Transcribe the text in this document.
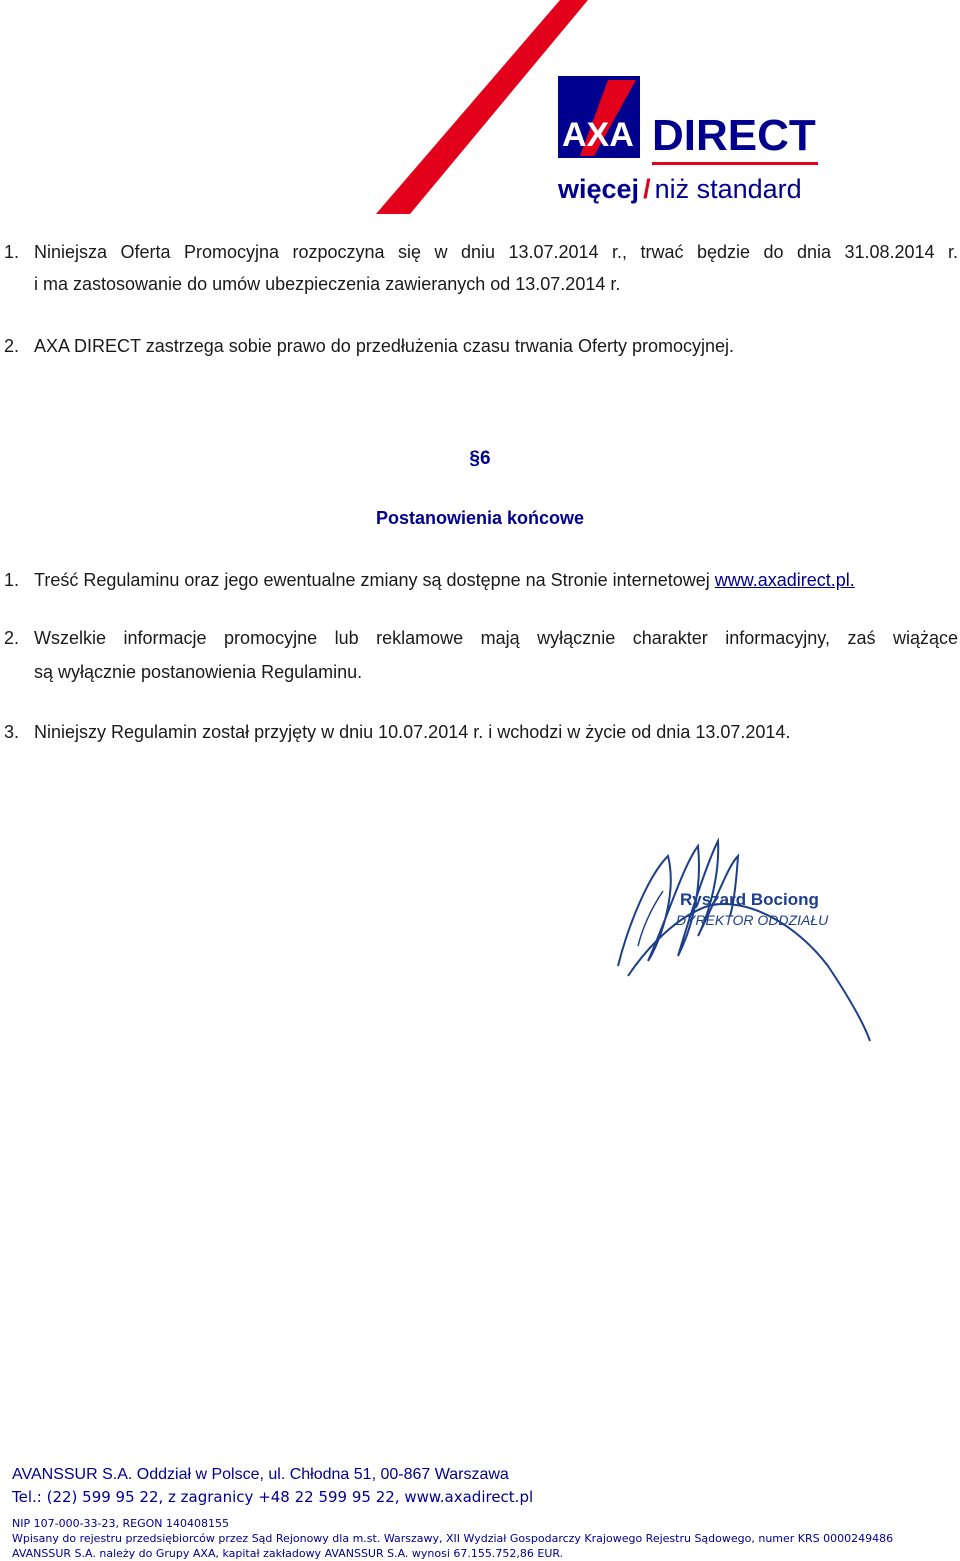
AXA DIRECT
więcej / niż standard
1. Niniejsza Oferta Promocyjna rozpoczyna się w dniu 13.07.2014 r., trwać będzie do dnia 31.08.2014 r.
i ma zastosowanie do umów ubezpieczenia zawieranych od 13.07.2014 r.
2. AXA DIRECT zastrzega sobie prawo do przedłużenia czasu trwania Oferty promocyjnej.
§6
Postanowienia końcowe
1. Treść Regulaminu oraz jego ewentualne zmiany są dostępne na Stronie internetowej www.axadirect.pl.
2. Wszelkie informacje promocyjne lub reklamowe mają wyłącznie charakter informacyjny, zaś wiążące
są wyłącznie postanowienia Regulaminu.
3. Niniejszy Regulamin został przyjęty w dniu 10.07.2014 r. i wchodzi w życie od dnia 13.07.2014.
Ryszard Bociong
DYREKTOR ODDZIAŁU
AVANSSUR S.A. Oddział w Polsce, ul. Chłodna 51, 00-867 Warszawa
Tel.: (22) 599 95 22, z zagranicy +48 22 599 95 22, www.axadirect.pl
NIP 107-000-33-23, REGON 140408155
Wpisany do rejestru przedsiębiorców przez Sąd Rejonowy dla m.st. Warszawy, XII Wydział Gospodarczy Krajowego Rejestru Sądowego, numer KRS 0000249486
AVANSSUR S.A. należy do Grupy AXA, kapitał zakładowy AVANSSUR S.A. wynosi 67.155.752,86 EUR.
